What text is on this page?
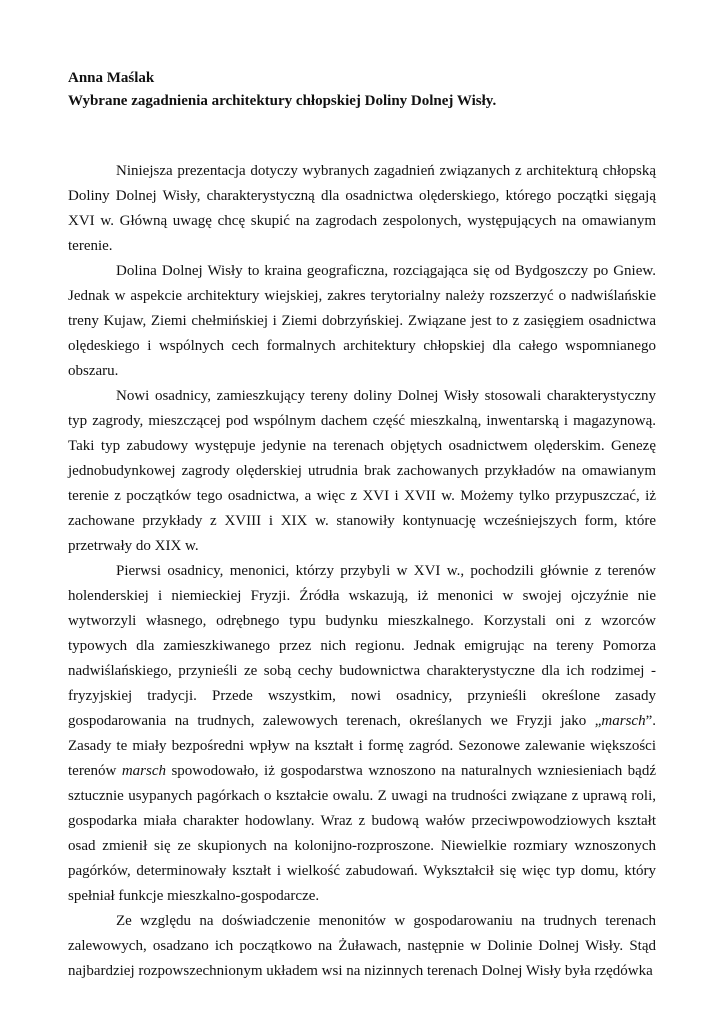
Anna Maślak

Wybrane zagadnienia architektury chłopskiej Doliny Dolnej Wisły.

Niniejsza prezentacja dotyczy wybranych zagadnień związanych z architekturą chłopską Doliny Dolnej Wisły, charakterystyczną dla osadnictwa olęderskiego, którego początki sięgają XVI w. Główną uwagę chcę skupić na zagrodach zespolonych, występujących na omawianym terenie.

Dolina Dolnej Wisły to kraina geograficzna, rozciągająca się od Bydgoszczy po Gniew. Jednak w aspekcie architektury wiejskiej, zakres terytorialny należy rozszerzyć o nadwiślańskie treny Kujaw, Ziemi chełmińskiej i Ziemi dobrzyńskiej. Związane jest to z zasięgiem osadnictwa olędeskiego i wspólnych cech formalnych architektury chłopskiej dla całego wspomnianego obszaru.

Nowi osadnicy, zamieszkujący tereny doliny Dolnej Wisły stosowali charakterystyczny typ zagrody, mieszczącej pod wspólnym dachem część mieszkalną, inwentarską i magazynową. Taki typ zabudowy występuje jedynie na terenach objętych osadnictwem olęderskim. Genezę jednobudynkowej zagrody olęderskiej utrudnia brak zachowanych przykładów na omawianym terenie z początków tego osadnictwa, a więc z XVI i XVII w. Możemy tylko przypuszczać, iż zachowane przykłady z XVIII i XIX w. stanowiły kontynuację wcześniejszych form, które przetrwały do XIX w.

Pierwsi osadnicy, menonici, którzy przybyli w XVI w., pochodzili głównie z terenów holenderskiej i niemieckiej Fryzji. Źródła wskazują, iż menonici w swojej ojczyźnie nie wytworzyli własnego, odrębnego typu budynku mieszkalnego. Korzystali oni z wzorców typowych dla zamieszkiwanego przez nich regionu. Jednak emigrując na tereny Pomorza nadwiślańskiego, przynieśli ze sobą cechy budownictwa charakterystyczne dla ich rodzimej - fryzyjskiej tradycji. Przede wszystkim, nowi osadnicy, przynieśli określone zasady gospodarowania na trudnych, zalewowych terenach, określanych we Fryzji jako „marsch”. Zasady te miały bezpośredni wpływ na kształt i formę zagród. Sezonowe zalewanie większości terenów marsch spowodowało, iż gospodarstwa wznoszono na naturalnych wzniesieniach bądź sztucznie usypanych pagórkach o kształcie owalu. Z uwagi na trudności związane z uprawą roli, gospodarka miała charakter hodowlany. Wraz z budową wałów przeciwpowodziowych kształt osad zmienił się ze skupionych na kolonijno-rozproszone. Niewielkie rozmiary wznoszonych pagórków, determinowały kształt i wielkość zabudowań. Wykształcił się więc typ domu, który spełniał funkcje mieszkalno-gospodarcze.

Ze względu na doświadczenie menonitów w gospodarowaniu na trudnych terenach zalewowych, osadzano ich początkowo na Żuławach, następnie w Dolinie Dolnej Wisły. Stąd najbardziej rozpowszechnionym układem wsi na nizinnych terenach Dolnej Wisły była rzędówka
